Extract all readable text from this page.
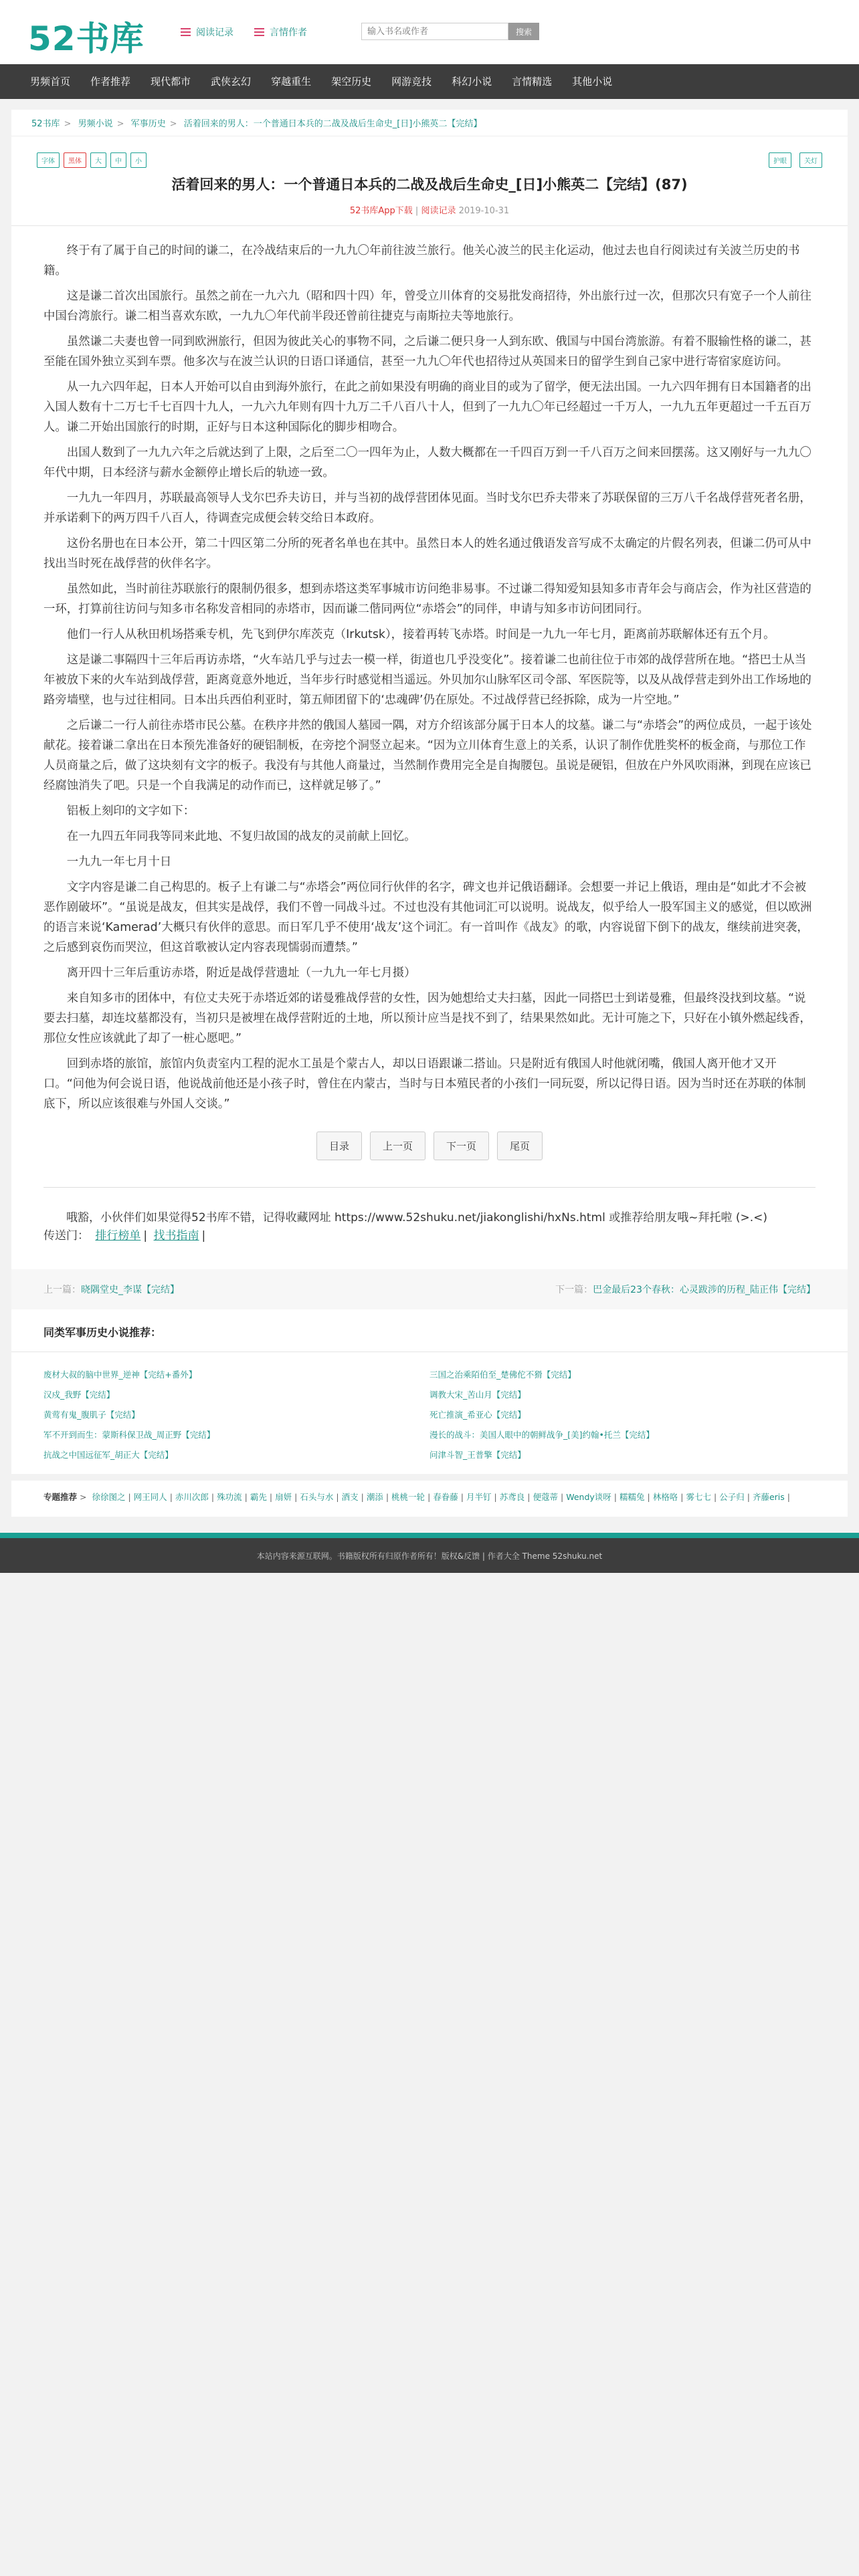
52书库	阅读记录	言情作者
输入书名或作者	搜索
男频首页	作者推荐	现代都市	武侠玄幻	穿越重生	架空历史	网游竞技	科幻小说	言情精选	其他小说
52书库 > 男频小说 > 军事历史 > 活着回来的男人：一个普通日本兵的二战及战后生命史_[日]小熊英二【完结】
字体	黑体	大	中	小	护眼	关灯
活着回来的男人：一个普通日本兵的二战及战后生命史_[日]小熊英二【完结】(87)
52书库App下载 | 阅读记录 2019-10-31

终于有了属于自己的时间的谦二，在冷战结束后的一九九〇年前往波兰旅行。他关心波兰的民主化运动，他过去也自行阅读过有关波兰历史的书籍。

这是谦二首次出国旅行。虽然之前在一九六九（昭和四十四）年，曾受立川体育的交易批发商招待，外出旅行过一次，但那次只有宽子一个人前往中国台湾旅行。谦二相当喜欢东欧，一九九〇年代前半段还曾前往捷克与南斯拉夫等地旅行。

虽然谦二夫妻也曾一同到欧洲旅行，但因为彼此关心的事物不同，之后谦二便只身一人到东欧、俄国与中国台湾旅游。有着不服输性格的谦二，甚至能在国外独立买到车票。他多次与在波兰认识的日语口译通信，甚至一九九〇年代也招待过从英国来日的留学生到自己家中进行寄宿家庭访问。

从一九六四年起，日本人开始可以自由到海外旅行，在此之前如果没有明确的商业目的或为了留学，便无法出国。一九六四年拥有日本国籍者的出入国人数有十二万七千七百四十九人，一九六九年则有四十九万二千八百八十人，但到了一九九〇年已经超过一千万人，一九九五年更超过一千五百万人。谦二开始出国旅行的时期，正好与日本这种国际化的脚步相吻合。

出国人数到了一九九六年之后就达到了上限，之后至二〇一四年为止，人数大概都在一千四百万到一千八百万之间来回摆荡。这又刚好与一九九〇年代中期，日本经济与薪水金额停止增长后的轨迹一致。

一九九一年四月，苏联最高领导人戈尔巴乔夫访日，并与当初的战俘营团体见面。当时戈尔巴乔夫带来了苏联保留的三万八千名战俘营死者名册，并承诺剩下的两万四千八百人，待调查完成便会转交给日本政府。

这份名册也在日本公开，第二十四区第二分所的死者名单也在其中。虽然日本人的姓名通过俄语发音写成不太确定的片假名列表，但谦二仍可从中找出当时死在战俘营的伙伴名字。

虽然如此，当时前往苏联旅行的限制仍很多，想到赤塔这类军事城市访问绝非易事。不过谦二得知爱知县知多市青年会与商店会，作为社区营造的一环，打算前往访问与知多市名称发音相同的赤塔市，因而谦二偕同两位“赤塔会”的同伴，申请与知多市访问团同行。

他们一行人从秋田机场搭乘专机，先飞到伊尔库茨克（Irkutsk），接着再转飞赤塔。时间是一九九一年七月，距离前苏联解体还有五个月。

这是谦二事隔四十三年后再访赤塔，“火车站几乎与过去一模一样，街道也几乎没变化”。接着谦二也前往位于市郊的战俘营所在地。“搭巴士从当年被放下来的火车站到战俘营，距离竟意外地近，当年步行时感觉相当遥远。外贝加尔山脉军区司令部、军医院等，以及从战俘营走到外出工作场地的路旁墙壁，也与过往相同。日本出兵西伯利亚时，第五师团留下的‘忠魂碑’仍在原处。不过战俘营已经拆除，成为一片空地。”

之后谦二一行人前往赤塔市民公墓。在秩序井然的俄国人墓园一隅，对方介绍该部分属于日本人的坟墓。谦二与“赤塔会”的两位成员，一起于该处献花。接着谦二拿出在日本预先准备好的硬铝制板，在旁挖个洞竖立起来。“因为立川体育生意上的关系，认识了制作优胜奖杯的板金商，与那位工作人员商量之后，做了这块刻有文字的板子。我没有与其他人商量过，当然制作费用完全是自掏腰包。虽说是硬铝，但放在户外风吹雨淋，到现在应该已经腐蚀消失了吧。只是一个自我满足的动作而已，这样就足够了。”

铝板上刻印的文字如下：

在一九四五年同我等同来此地、不复归故国的战友的灵前献上回忆。

一九九一年七月十日

文字内容是谦二自己构思的。板子上有谦二与“赤塔会”两位同行伙伴的名字，碑文也并记俄语翻译。会想要一并记上俄语，理由是“如此才不会被恶作剧破坏”。“虽说是战友，但其实是战俘，我们不曾一同战斗过。不过也没有其他词汇可以说明。说战友，似乎给人一股军国主义的感觉，但以欧洲的语言来说‘Kamerad’大概只有伙伴的意思。而日军几乎不使用‘战友’这个词汇。有一首叫作《战友》的歌，内容说留下倒下的战友，继续前进突袭，之后感到哀伤而哭泣，但这首歌被认定内容表现懦弱而遭禁。”

离开四十三年后重访赤塔，附近是战俘营遗址（一九九一年七月摄）

来自知多市的团体中，有位丈夫死于赤塔近郊的诺曼雅战俘营的女性，因为她想给丈夫扫墓，因此一同搭巴士到诺曼雅，但最终没找到坟墓。“说要去扫墓，却连坟墓都没有，当初只是被埋在战俘营附近的土地，所以预计应当是找不到了，结果果然如此。无计可施之下，只好在小镇外燃起线香，那位女性应该就此了却了一桩心愿吧。”

回到赤塔的旅馆，旅馆内负责室内工程的泥水工虽是个蒙古人，却以日语跟谦二搭讪。只是附近有俄国人时他就闭嘴，俄国人离开他才又开口。“问他为何会说日语，他说战前他还是小孩子时，曾住在内蒙古，当时与日本殖民者的小孩们一同玩耍，所以记得日语。因为当时还在苏联的体制底下，所以应该很难与外国人交谈。”

目录	上一页	下一页	尾页
哦豁，小伙伴们如果觉得52书库不错，记得收藏网址 https://www.52shuku.net/jiakonglishi/hxNs.html 或推荐给朋友哦~拜托啦 (>.<)
传送门： 排行榜单 | 找书指南 |
上一篇：晓隅堂史_李谋【完结】	下一篇：巴金最后23个春秋：心灵跋涉的历程_陆正伟【完结】
同类军事历史小说推荐：
废材大叔的脑中世界_逆神【完结+番外】	三国之治乘陌伯至_楚佛佗不猾【完结】
汉戍_我野【完结】	调教大宋_苦山月【完结】
黄莺有鬼_腹肌子【完结】	死亡推演_希亚心【完结】
军不开到而生：蒙斯科保卫战_周正野【完结】	漫长的战斗：美国人眼中的朝鲜战争_[美]约翰•托兰【完结】
抗战之中国远征军_胡正大【完结】	问津斗智_王普擎【完结】
专题推荐 > 徐徐图之 | 网王同人 | 赤川次郎 | 殊功流 | 霸先 | 扇妍 | 石头与水 | 酒支 | 潮添 | 桃桃一轮 | 春眷藤 | 月半钉 | 苏鸢良 | 便蔻蒂 | Wendy谈呀 | 糯糯兔 | 林格咯 | 雾七七 | 公子归 | 齐藤eris |
本站内容来源互联网。书籍版权所有归原作者所有！版权&反馈 | 作者大全 Theme 52shuku.net
